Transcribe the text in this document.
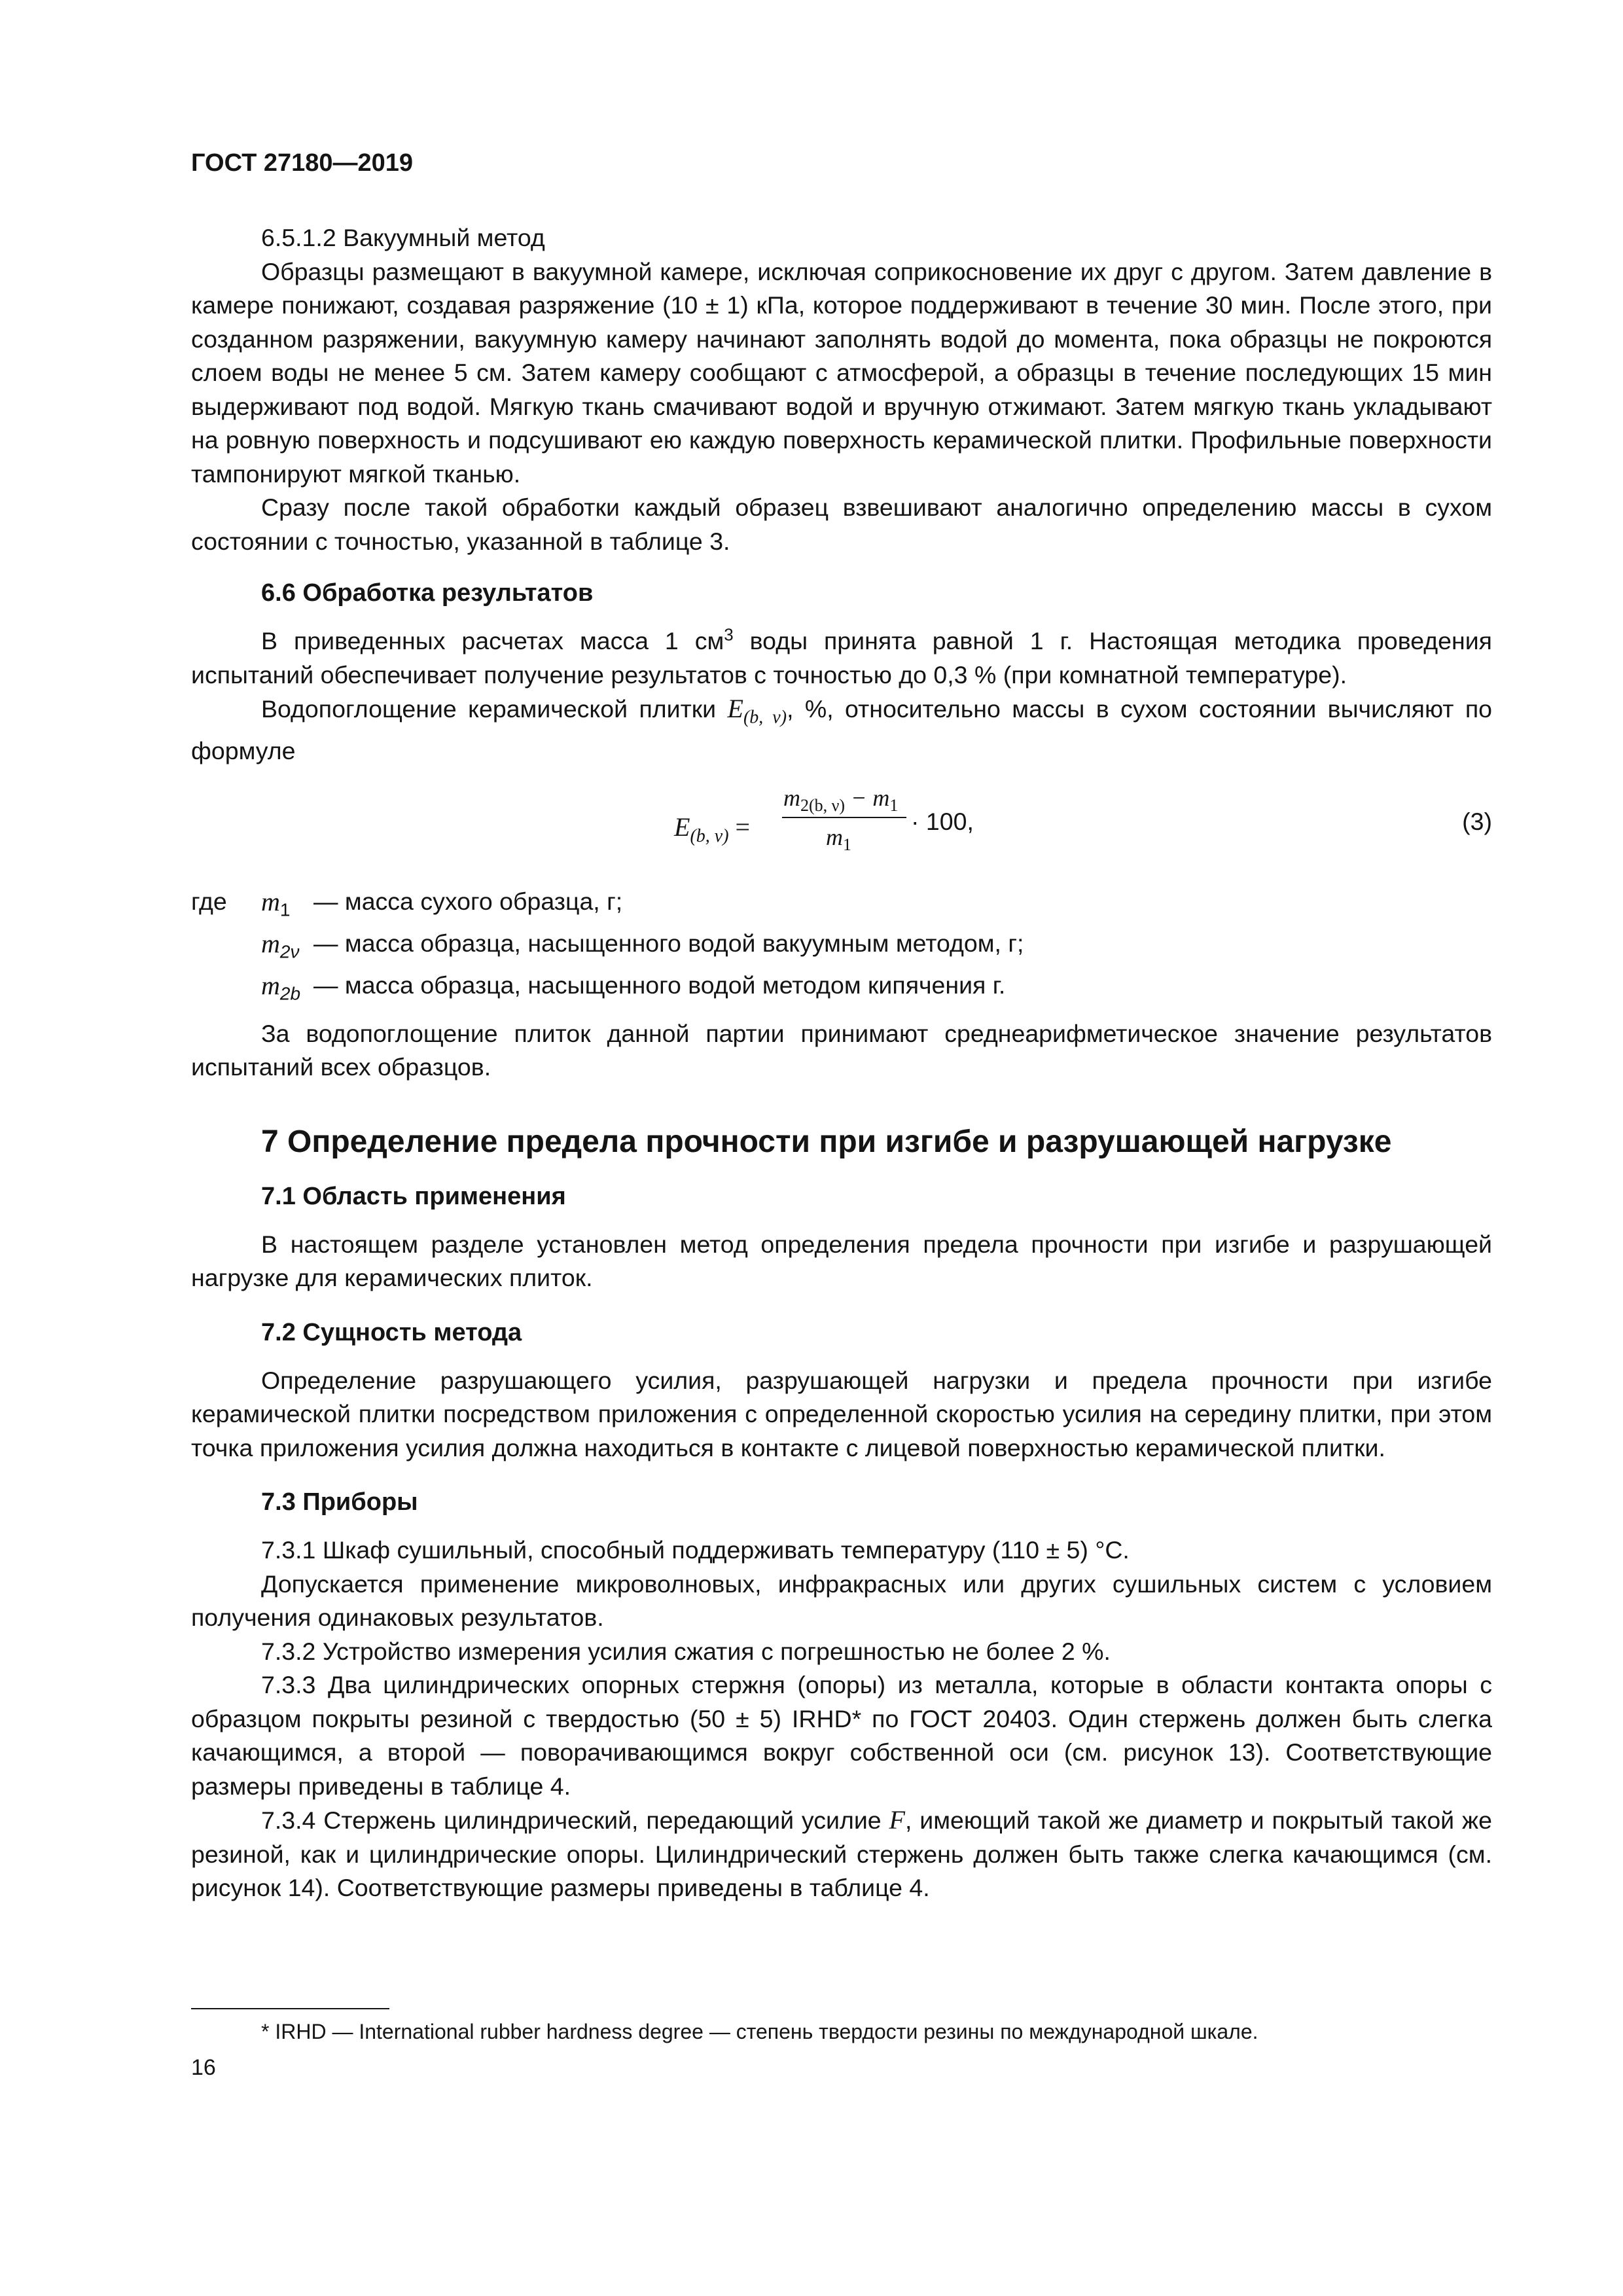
ГОСТ 27180—2019

6.5.1.2 Вакуумный метод

Образцы размещают в вакуумной камере, исключая соприкосновение их друг с другом. Затем давление в камере понижают, создавая разряжение (10 ± 1) кПа, которое поддерживают в течение 30 мин. После этого, при созданном разряжении, вакуумную камеру начинают заполнять водой до момента, пока образцы не покроются слоем воды не менее 5 см. Затем камеру сообщают с атмосферой, а образцы в течение последующих 15 мин выдерживают под водой. Мягкую ткань смачивают водой и вручную отжимают. Затем мягкую ткань укладывают на ровную поверхность и подсушивают ею каждую поверхность керамической плитки. Профильные поверхности тампонируют мягкой тканью.

Сразу после такой обработки каждый образец взвешивают аналогично определению массы в сухом состоянии с точностью, указанной в таблице 3.

6.6 Обработка результатов

В приведенных расчетах масса 1 $см^3$ воды принята равной 1 г. Настоящая методика проведения испытаний обеспечивает получение результатов с точностью до 0,3 % (при комнатной температуре).

Водопоглощение керамической плитки $E_{(b, \nu)}$, %, относительно массы в сухом состоянии вычисляют по формуле

$E_{(b, \nu)}$ =
$m_{2(b, \nu)} - m_1$
$m_1$
· 100,	(3)
где	$m_1$ — масса сухого образца, г;
$m_{2\nu}$ — масса образца, насыщенного водой вакуумным методом, г;
$m_{2b}$ — масса образца, насыщенного водой методом кипячения г.

За водопоглощение плиток данной партии принимают среднеарифметическое значение результатов испытаний всех образцов.

7 Определение предела прочности при изгибе и разрушающей нагрузке
7.1 Область применения

В настоящем разделе установлен метод определения предела прочности при изгибе и разрушающей нагрузке для керамических плиток.

7.2 Сущность метода

Определение разрушающего усилия, разрушающей нагрузки и предела прочности при изгибе керамической плитки посредством приложения с определенной скоростью усилия на середину плитки, при этом точка приложения усилия должна находиться в контакте с лицевой поверхностью керамической плитки.

7.3 Приборы

7.3.1 Шкаф сушильный, способный поддерживать температуру (110 ± 5) °С.

Допускается применение микроволновых, инфракрасных или других сушильных систем с условием получения одинаковых результатов.

7.3.2 Устройство измерения усилия сжатия с погрешностью не более 2 %.

7.3.3 Два цилиндрических опорных стержня (опоры) из металла, которые в области контакта опоры с образцом покрыты резиной с твердостью (50 ± 5) IRHD* по ГОСТ 20403. Один стержень должен быть слегка качающимся, а второй — поворачивающимся вокруг собственной оси (см. рисунок 13). Соответствующие размеры приведены в таблице 4.

7.3.4 Стержень цилиндрический, передающий усилие F, имеющий такой же диаметр и покрытый такой же резиной, как и цилиндрические опоры. Цилиндрический стержень должен быть также слегка качающимся (см. рисунок 14). Соответствующие размеры приведены в таблице 4.

* IRHD — International rubber hardness degree — степень твердости резины по международной шкале.
16
